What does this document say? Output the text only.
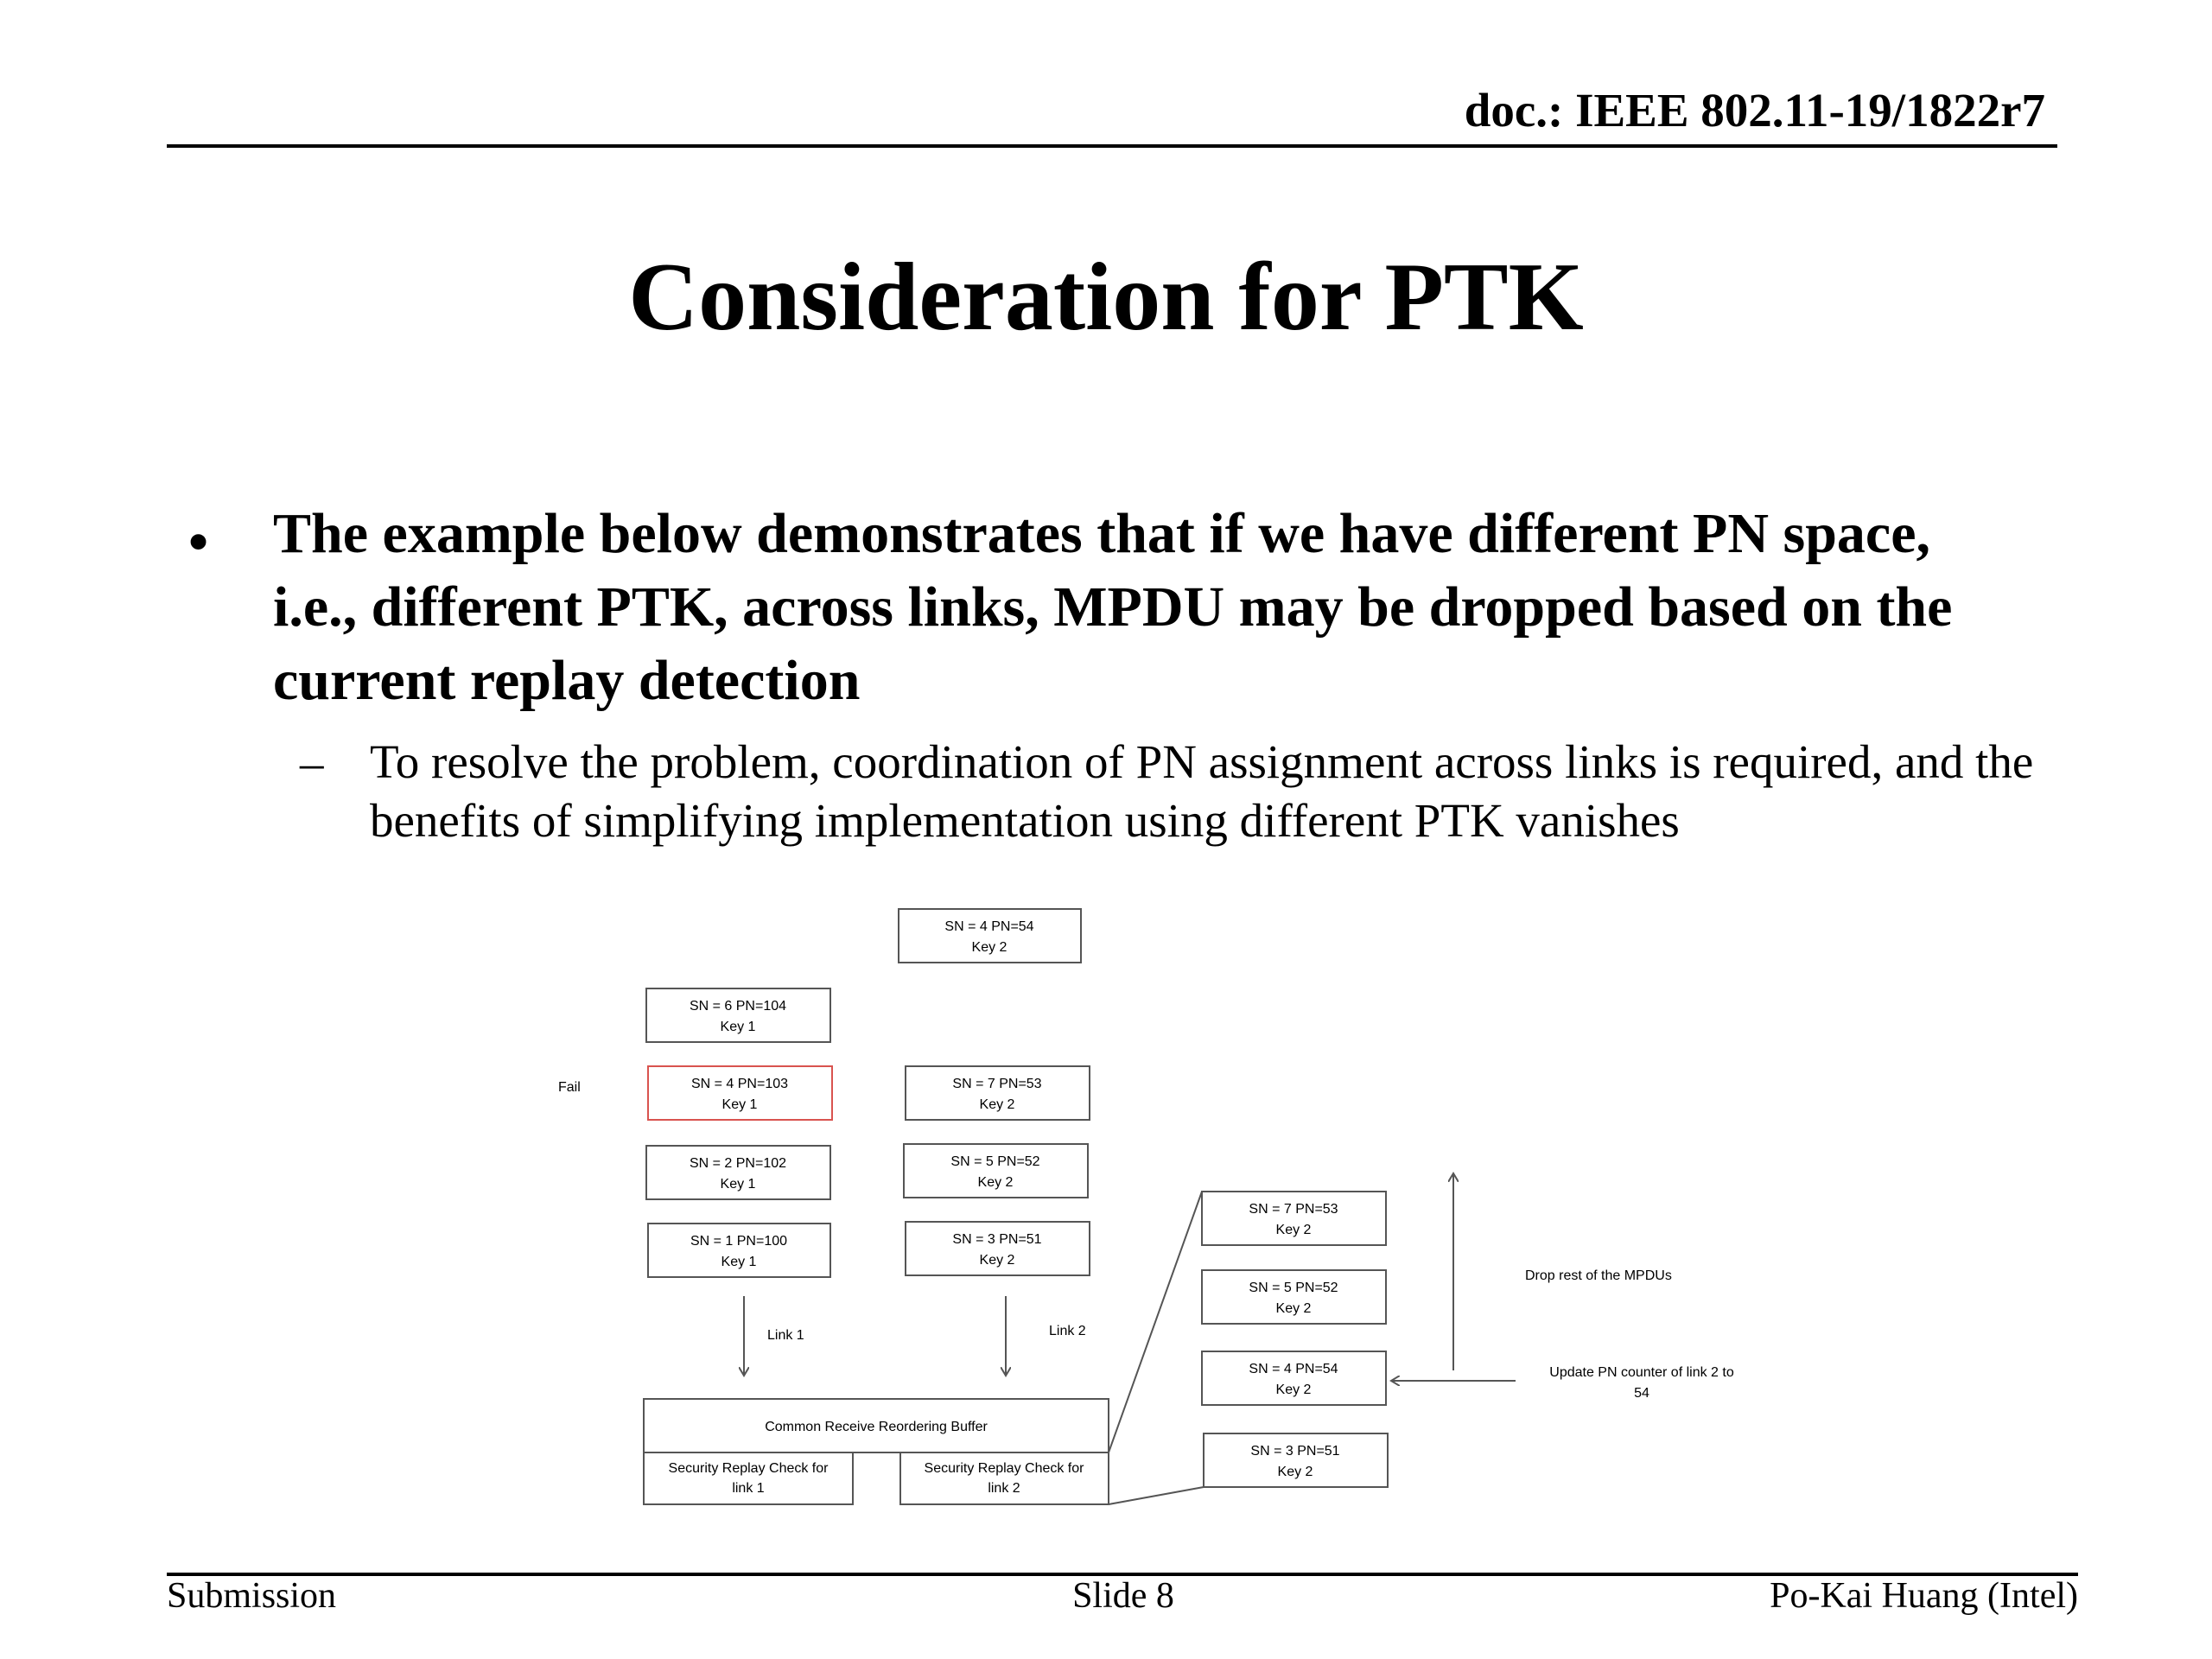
doc.: IEEE 802.11-19/1822r7
Consideration for PTK
• The example below demonstrates that if we have different PN space, i.e., different PTK, across links, MPDU may be dropped based on the current replay detection
– To resolve the problem, coordination of PN assignment across links is required, and the benefits of simplifying implementation using different PTK vanishes
SN = 4 PN=54
Key 2
SN = 6 PN=104
Key 1
SN = 4 PN=103
Key 1
SN = 2 PN=102
Key 1
SN = 1 PN=100
Key 1
SN = 7 PN=53
Key 2
SN = 5 PN=52
Key 2
SN = 3 PN=51
Key 2
SN = 7 PN=53
Key 2
SN = 5 PN=52
Key 2
SN = 4 PN=54
Key 2
SN = 3 PN=51
Key 2
Fail
Link 1	Link 2
Common Receive Reordering Buffer
Security Replay Check for
link 1
Security Replay Check for
link 2
Drop rest of the MPDUs
Update PN counter of link 2 to
54
Submission	Slide 8	Po-Kai Huang (Intel)
